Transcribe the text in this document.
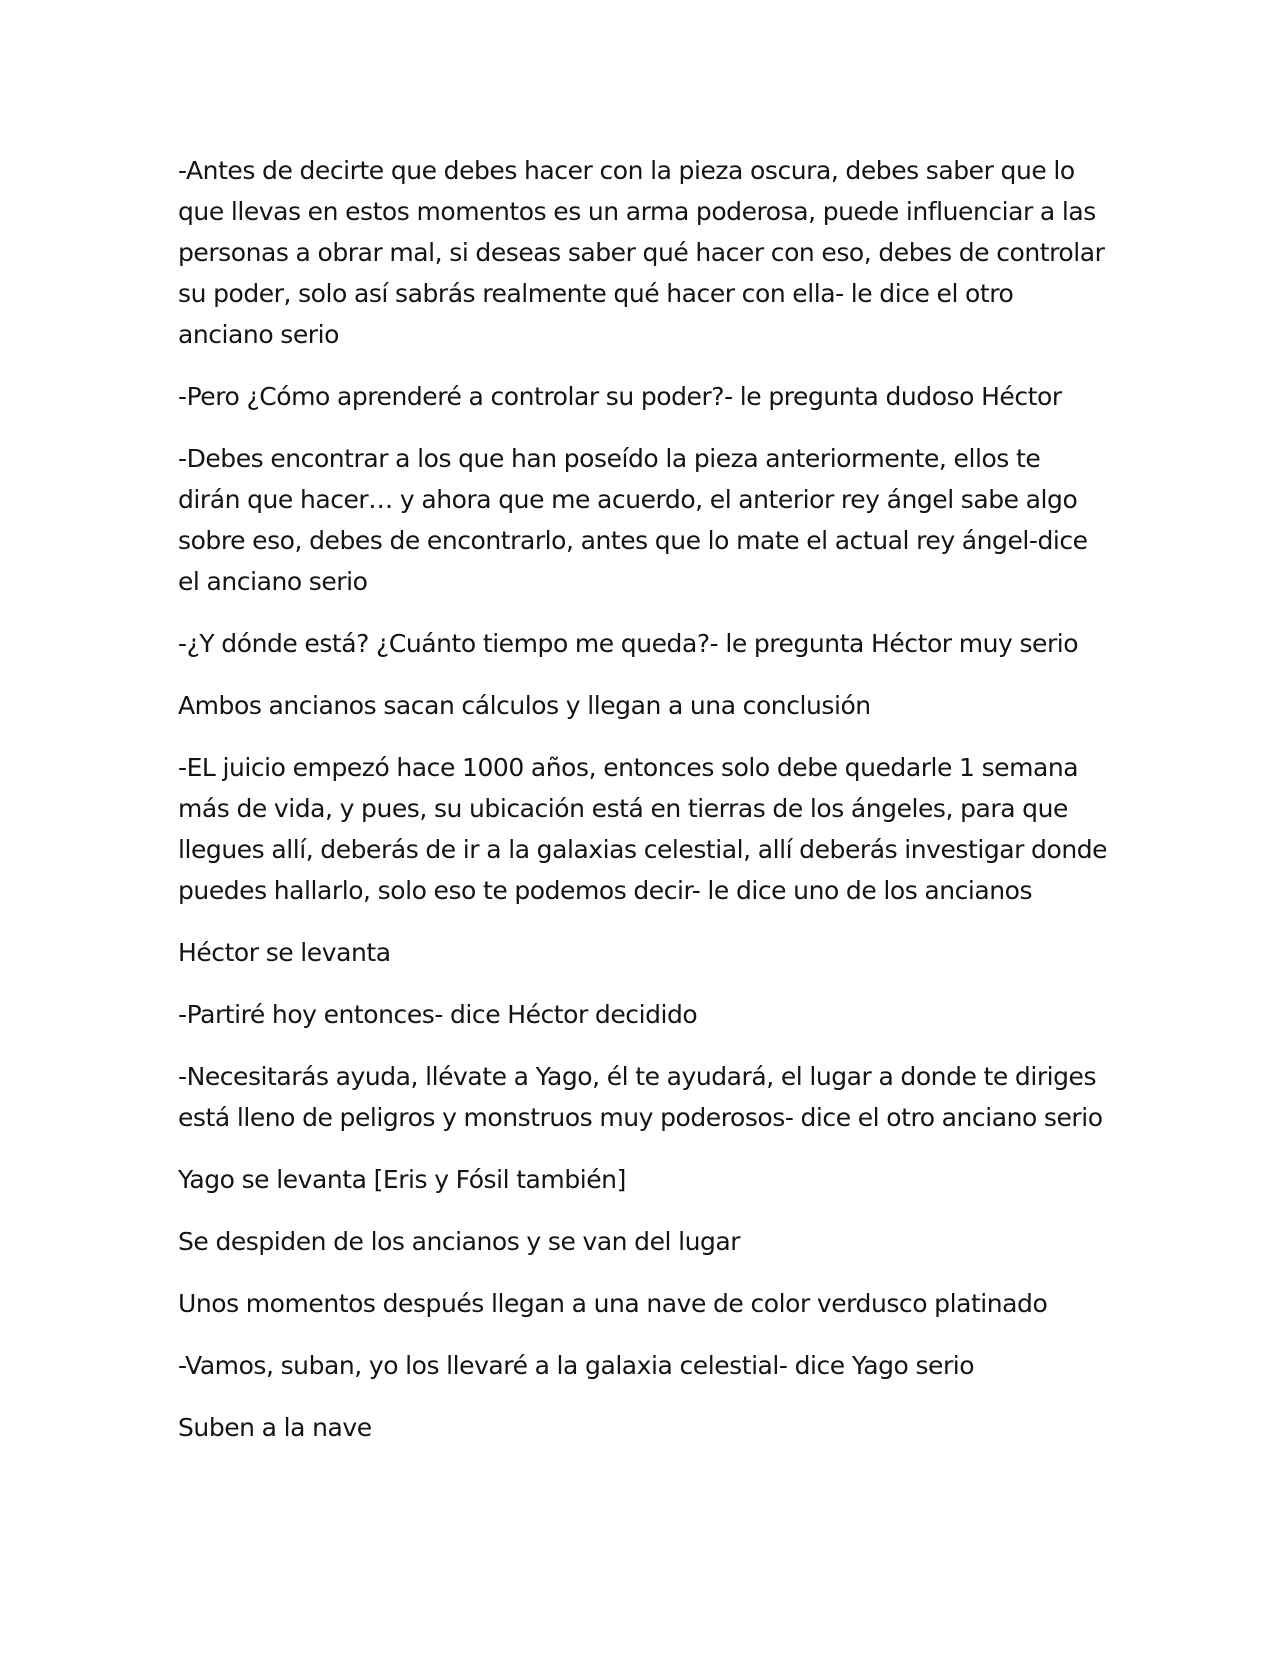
-Antes de decirte que debes hacer con la pieza oscura, debes saber que lo que llevas en estos momentos es un arma poderosa, puede influenciar a las personas a obrar mal, si deseas saber qué hacer con eso, debes de controlar su poder, solo así sabrás realmente qué hacer con ella- le dice el otro anciano serio

-Pero ¿Cómo aprenderé a controlar su poder?- le pregunta dudoso Héctor

-Debes encontrar a los que han poseído la pieza anteriormente, ellos te dirán que hacer… y ahora que me acuerdo, el anterior rey ángel sabe algo sobre eso, debes de encontrarlo, antes que lo mate el actual rey ángel-dice el anciano serio

-¿Y dónde está? ¿Cuánto tiempo me queda?- le pregunta Héctor muy serio

Ambos ancianos sacan cálculos y llegan a una conclusión

-EL juicio empezó hace 1000 años, entonces solo debe quedarle 1 semana más de vida, y pues, su ubicación está en tierras de los ángeles, para que llegues allí, deberás de ir a la galaxias celestial, allí deberás investigar donde puedes hallarlo, solo eso te podemos decir- le dice uno de los ancianos

Héctor se levanta

-Partiré hoy entonces- dice Héctor decidido

-Necesitarás ayuda, llévate a Yago, él te ayudará, el lugar a donde te diriges está lleno de peligros y monstruos muy poderosos- dice el otro anciano serio

Yago se levanta [Eris y Fósil también]

Se despiden de los ancianos y se van del lugar

Unos momentos después llegan a una nave de color verdusco platinado

-Vamos, suban, yo los llevaré a la galaxia celestial- dice Yago serio

Suben a la nave
